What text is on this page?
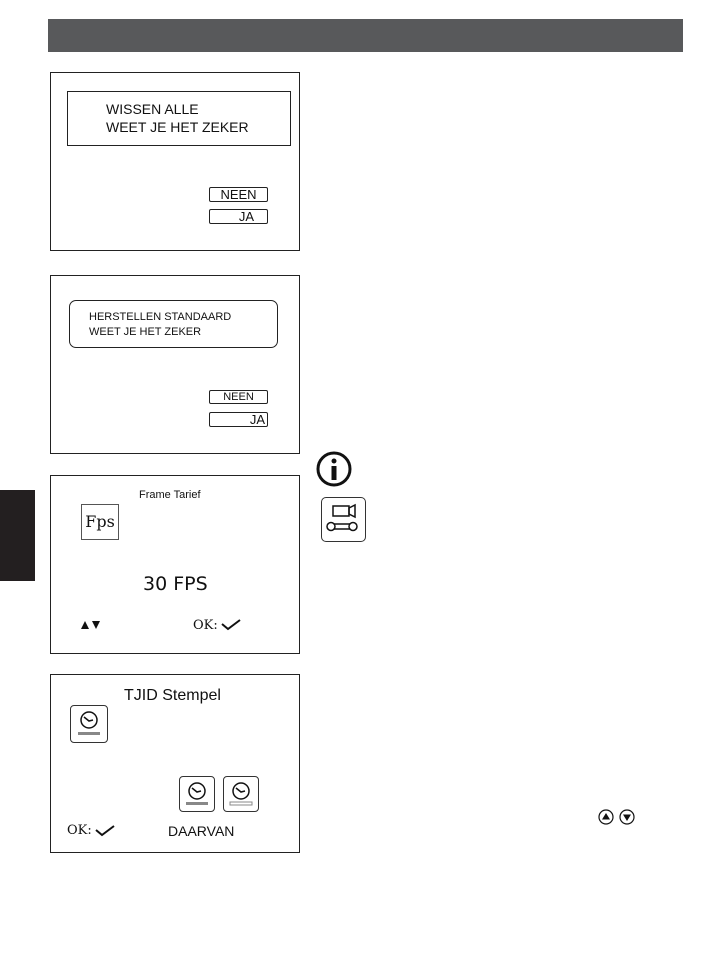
WISSEN ALLE
WEET JE HET ZEKER
NEEN
JA
HERSTELLEN STANDAARD
WEET JE HET ZEKER
NEEN
JA
Frame Tarief
Fps
30 FPS
OK:
TJID Stempel
OK:	DAARVAN
